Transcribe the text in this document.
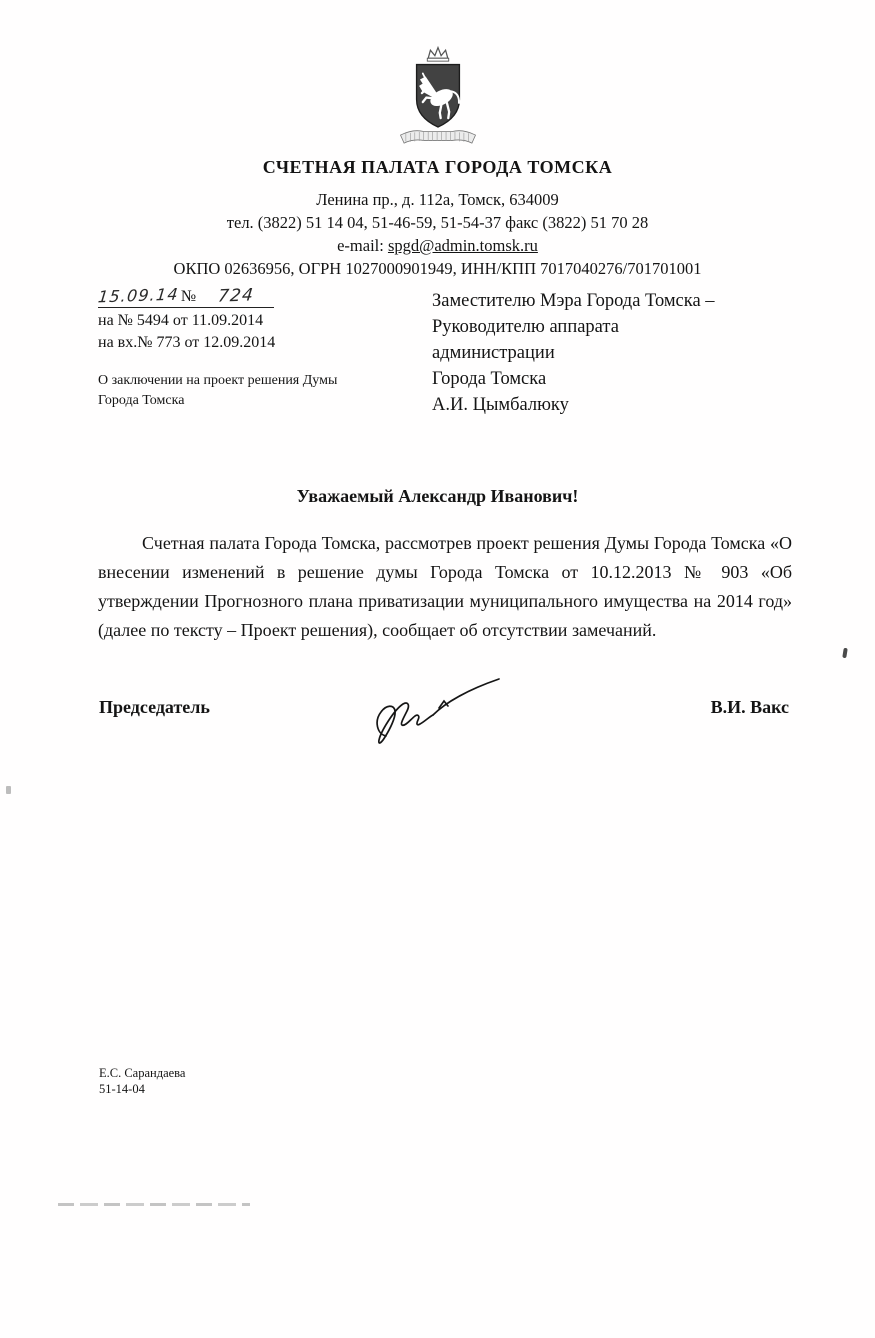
СЧЕТНАЯ ПАЛАТА ГОРОДА ТОМСКА
Ленина пр., д. 112а, Томск, 634009
тел. (3822) 51 14 04, 51-46-59, 51-54-37 факс (3822) 51 70 28
e-mail: spgd@admin.tomsk.ru
ОКПО 02636956, ОГРН 1027000901949, ИНН/КПП 7017040276/701701001
15.09.14 № 724
на № 5494 от 11.09.2014
на вх.№ 773 от 12.09.2014
О заключении на проект решения Думы
Города Томска
Заместителю Мэра Города Томска –
Руководителю аппарата
администрации
Города Томска
А.И. Цымбалюку
Уважаемый Александр Иванович!
Счетная палата Города Томска, рассмотрев проект решения Думы Города Томска «О внесении изменений в решение думы Города Томска от 10.12.2013 № 903 «Об утверждении Прогнозного плана приватизации муниципального имущества на 2014 год» (далее по тексту – Проект решения), сообщает об отсутствии замечаний.
Председатель	В.И. Вакс
Е.С. Сарандаева
51-14-04
